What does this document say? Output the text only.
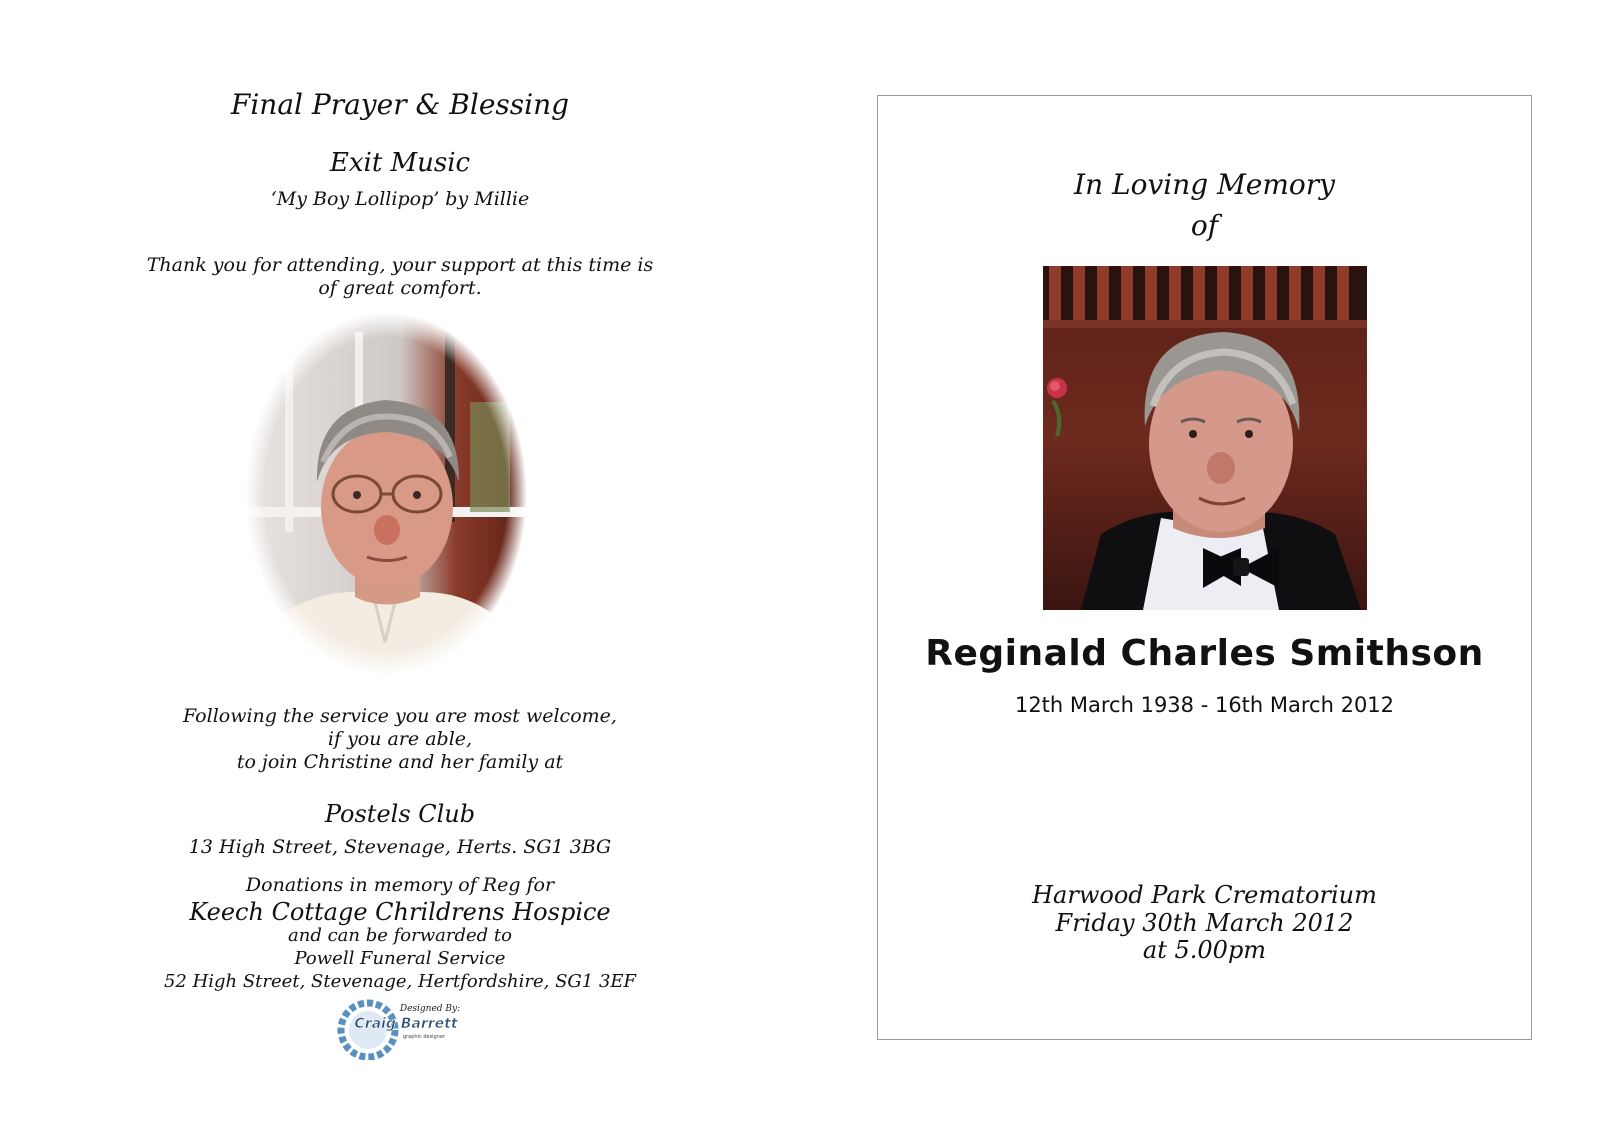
Final Prayer & Blessing
Exit Music
‘My Boy Lollipop’ by Millie
Thank you for attending, your support at this time is
of great comfort.
Following the service you are most welcome,
if you are able,
to join Christine and her family at
Postels Club
13 High Street, Stevenage, Herts. SG1 3BG
Donations in memory of Reg for
Keech Cottage Chrildrens Hospice
and can be forwarded to
Powell Funeral Service
52 High Street, Stevenage, Hertfordshire, SG1 3EF
Designed By:
Craig Barrett
graphic designer
In Loving Memory
of
Reginald Charles Smithson
12th March 1938 - 16th March 2012
Harwood Park Crematorium
Friday 30th March 2012
at 5.00pm
